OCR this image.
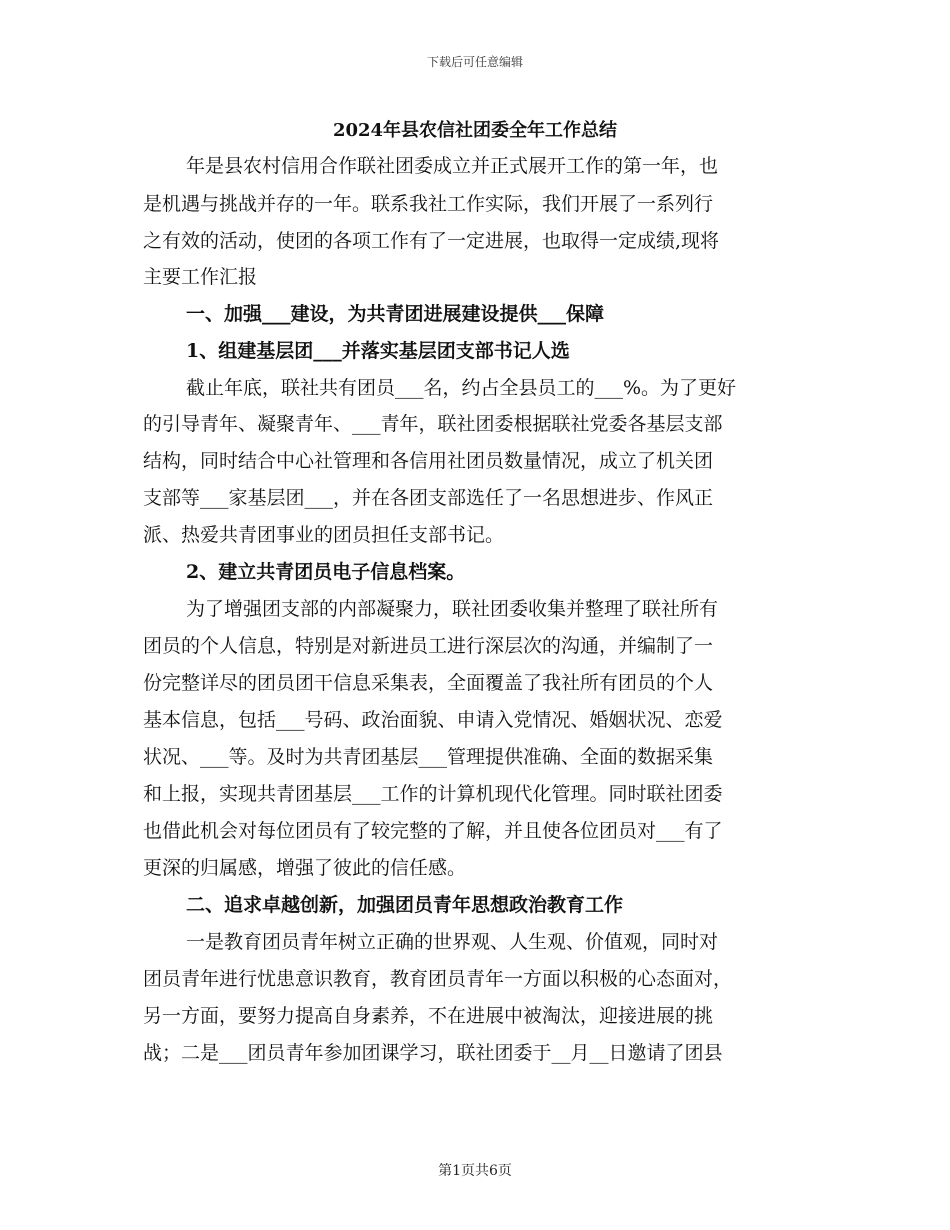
下载后可任意编辑
2024年县农信社团委全年工作总结
年是县农村信用合作联社团委成立并正式展开工作的第一年，也
是机遇与挑战并存的一年。联系我社工作实际，我们开展了一系列行
之有效的活动，使团的各项工作有了一定进展，也取得一定成绩,现将
主要工作汇报
一、加强___建设，为共青团进展建设提供___保障
1、组建基层团___并落实基层团支部书记人选
截止年底，联社共有团员___名，约占全县员工的___%。为了更好
的引导青年、凝聚青年、___青年，联社团委根据联社党委各基层支部
结构，同时结合中心社管理和各信用社团员数量情况，成立了机关团
支部等___家基层团___，并在各团支部选任了一名思想进步、作风正
派、热爱共青团事业的团员担任支部书记。
2、建立共青团员电子信息档案。
为了增强团支部的内部凝聚力，联社团委收集并整理了联社所有
团员的个人信息，特别是对新进员工进行深层次的沟通，并编制了一
份完整详尽的团员团干信息采集表，全面覆盖了我社所有团员的个人
基本信息，包括___号码、政治面貌、申请入党情况、婚姻状况、恋爱
状况、___等。及时为共青团基层___管理提供准确、全面的数据采集
和上报，实现共青团基层___工作的计算机现代化管理。同时联社团委
也借此机会对每位团员有了较完整的了解，并且使各位团员对___有了
更深的归属感，增强了彼此的信任感。
二、追求卓越创新，加强团员青年思想政治教育工作
一是教育团员青年树立正确的世界观、人生观、价值观，同时对
团员青年进行忧患意识教育，教育团员青年一方面以积极的心态面对，
另一方面，要努力提高自身素养，不在进展中被淘汰，迎接进展的挑
战；二是___团员青年参加团课学习，联社团委于__月__日邀请了团县
第1页共6页
